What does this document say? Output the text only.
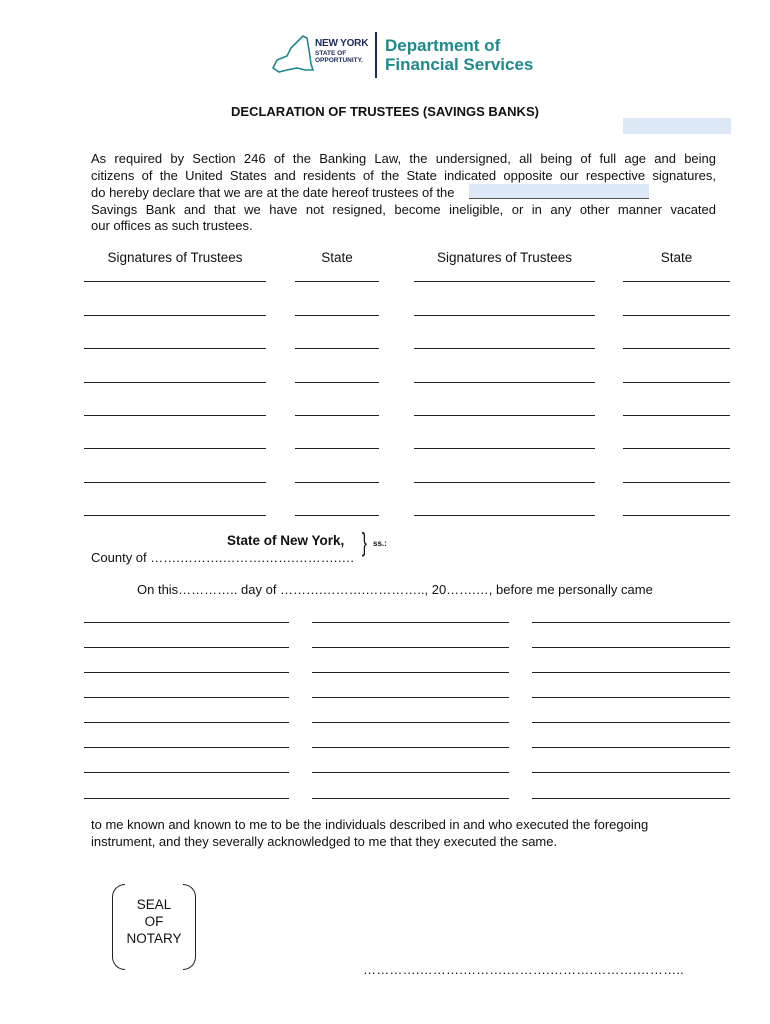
NEW YORK
STATE OF
OPPORTUNITY.
Department of
Financial Services
DECLARATION OF TRUSTEES (SAVINGS BANKS)
As required by Section 246 of the Banking Law, the undersigned, all being of full age and being
citizens of the United States and residents of the State indicated opposite our respective signatures,
do hereby declare that we are at the date hereof trustees of the
Savings Bank and that we have not resigned, become ineligible, or in any other manner vacated
our offices as such trustees.
Signatures of Trustees	State	Signatures of Trustees	State
State of New York, } ss.:
County of …….……….……….…….……….….
On this………….. day of ……….……….………….., 20…….…, before me personally came
to me known and known to me to be the individuals described in and who executed the foregoing
instrument, and they severally acknowledged to me that they executed the same.
SEAL
OF
NOTARY
………….……….……….……….……….……….………..
